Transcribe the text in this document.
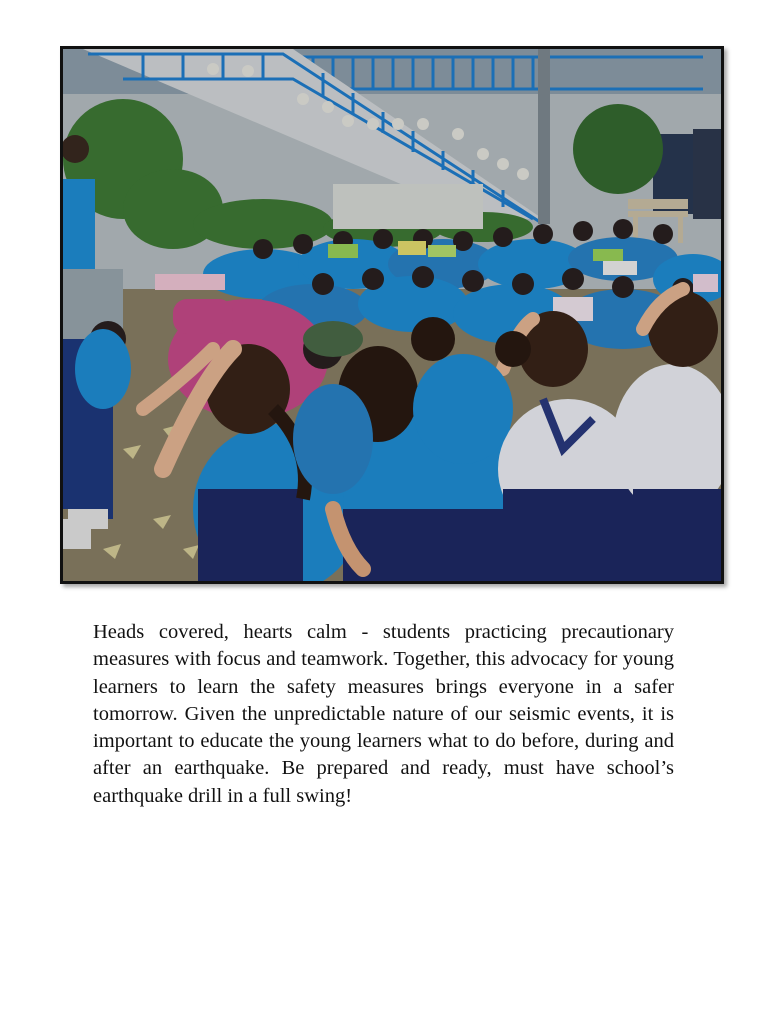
Heads covered, hearts calm - students practicing precautionary measures with focus and teamwork. Together, this advocacy for young learners to learn the safety measures brings everyone in a safer tomorrow. Given the unpredictable nature of our seismic events, it is important to educate the young learners what to do before, during and after an earthquake. Be prepared and ready, must have school’s earthquake drill in a full swing!
